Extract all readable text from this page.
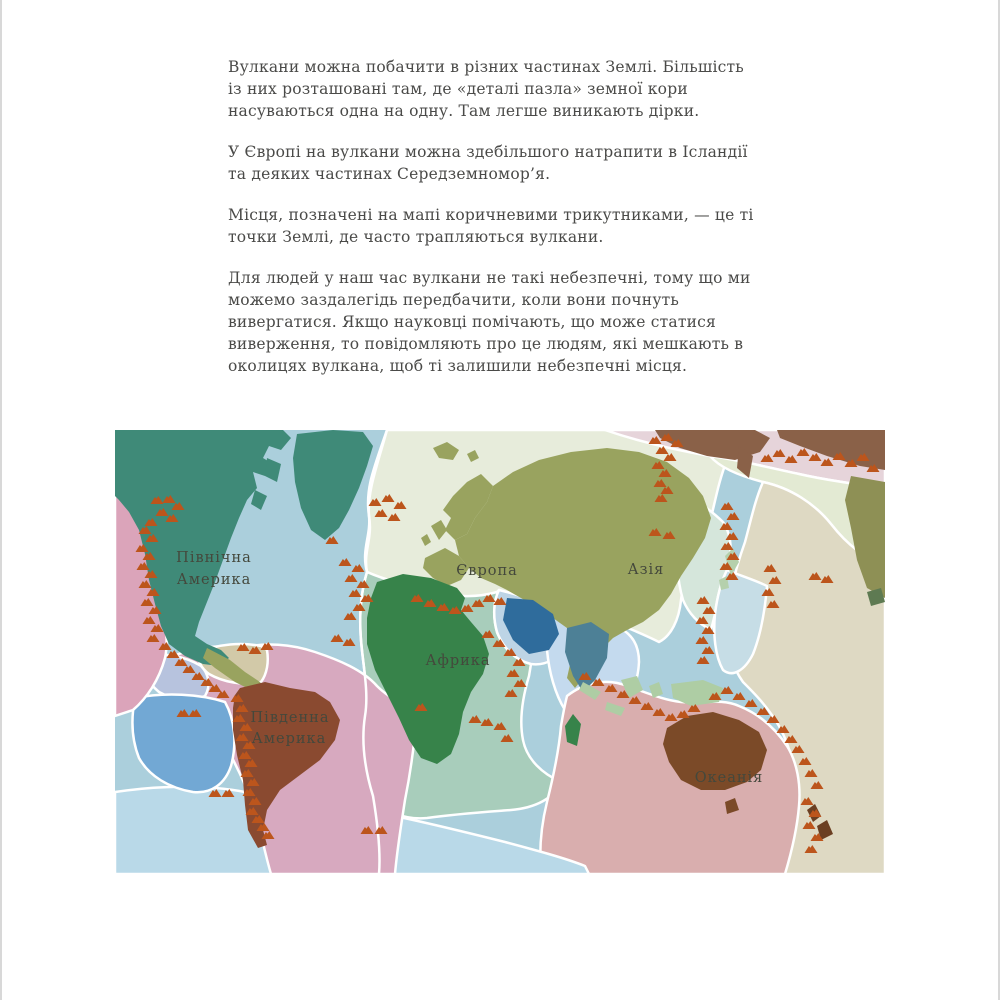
Вулкани можна побачити в різних частинах Землі. Більшість із них розташовані там, де «деталі пазла» земної кори насуваються одна на одну. Там легше виникають дірки.

У Європі на вулкани можна здебільшого натрапити в Ісландії та деяких частинах Середземномор’я.

Місця, позначені на мапі коричневими трикутниками, — це ті точки Землі, де часто трапляються вулкани.

Для людей у наш час вулкани не такі небезпечні, тому що ми можемо заздалегідь передбачити, коли вони почнуть вивергатися. Якщо науковці помічають, що може статися виверження, то повідомляють про це людям, які мешкають в околицях вулкана, щоб ті залишили небезпечні місця.

Північна
Америка
Європа	Азія
Африка
Південна
Америка
Океанія
